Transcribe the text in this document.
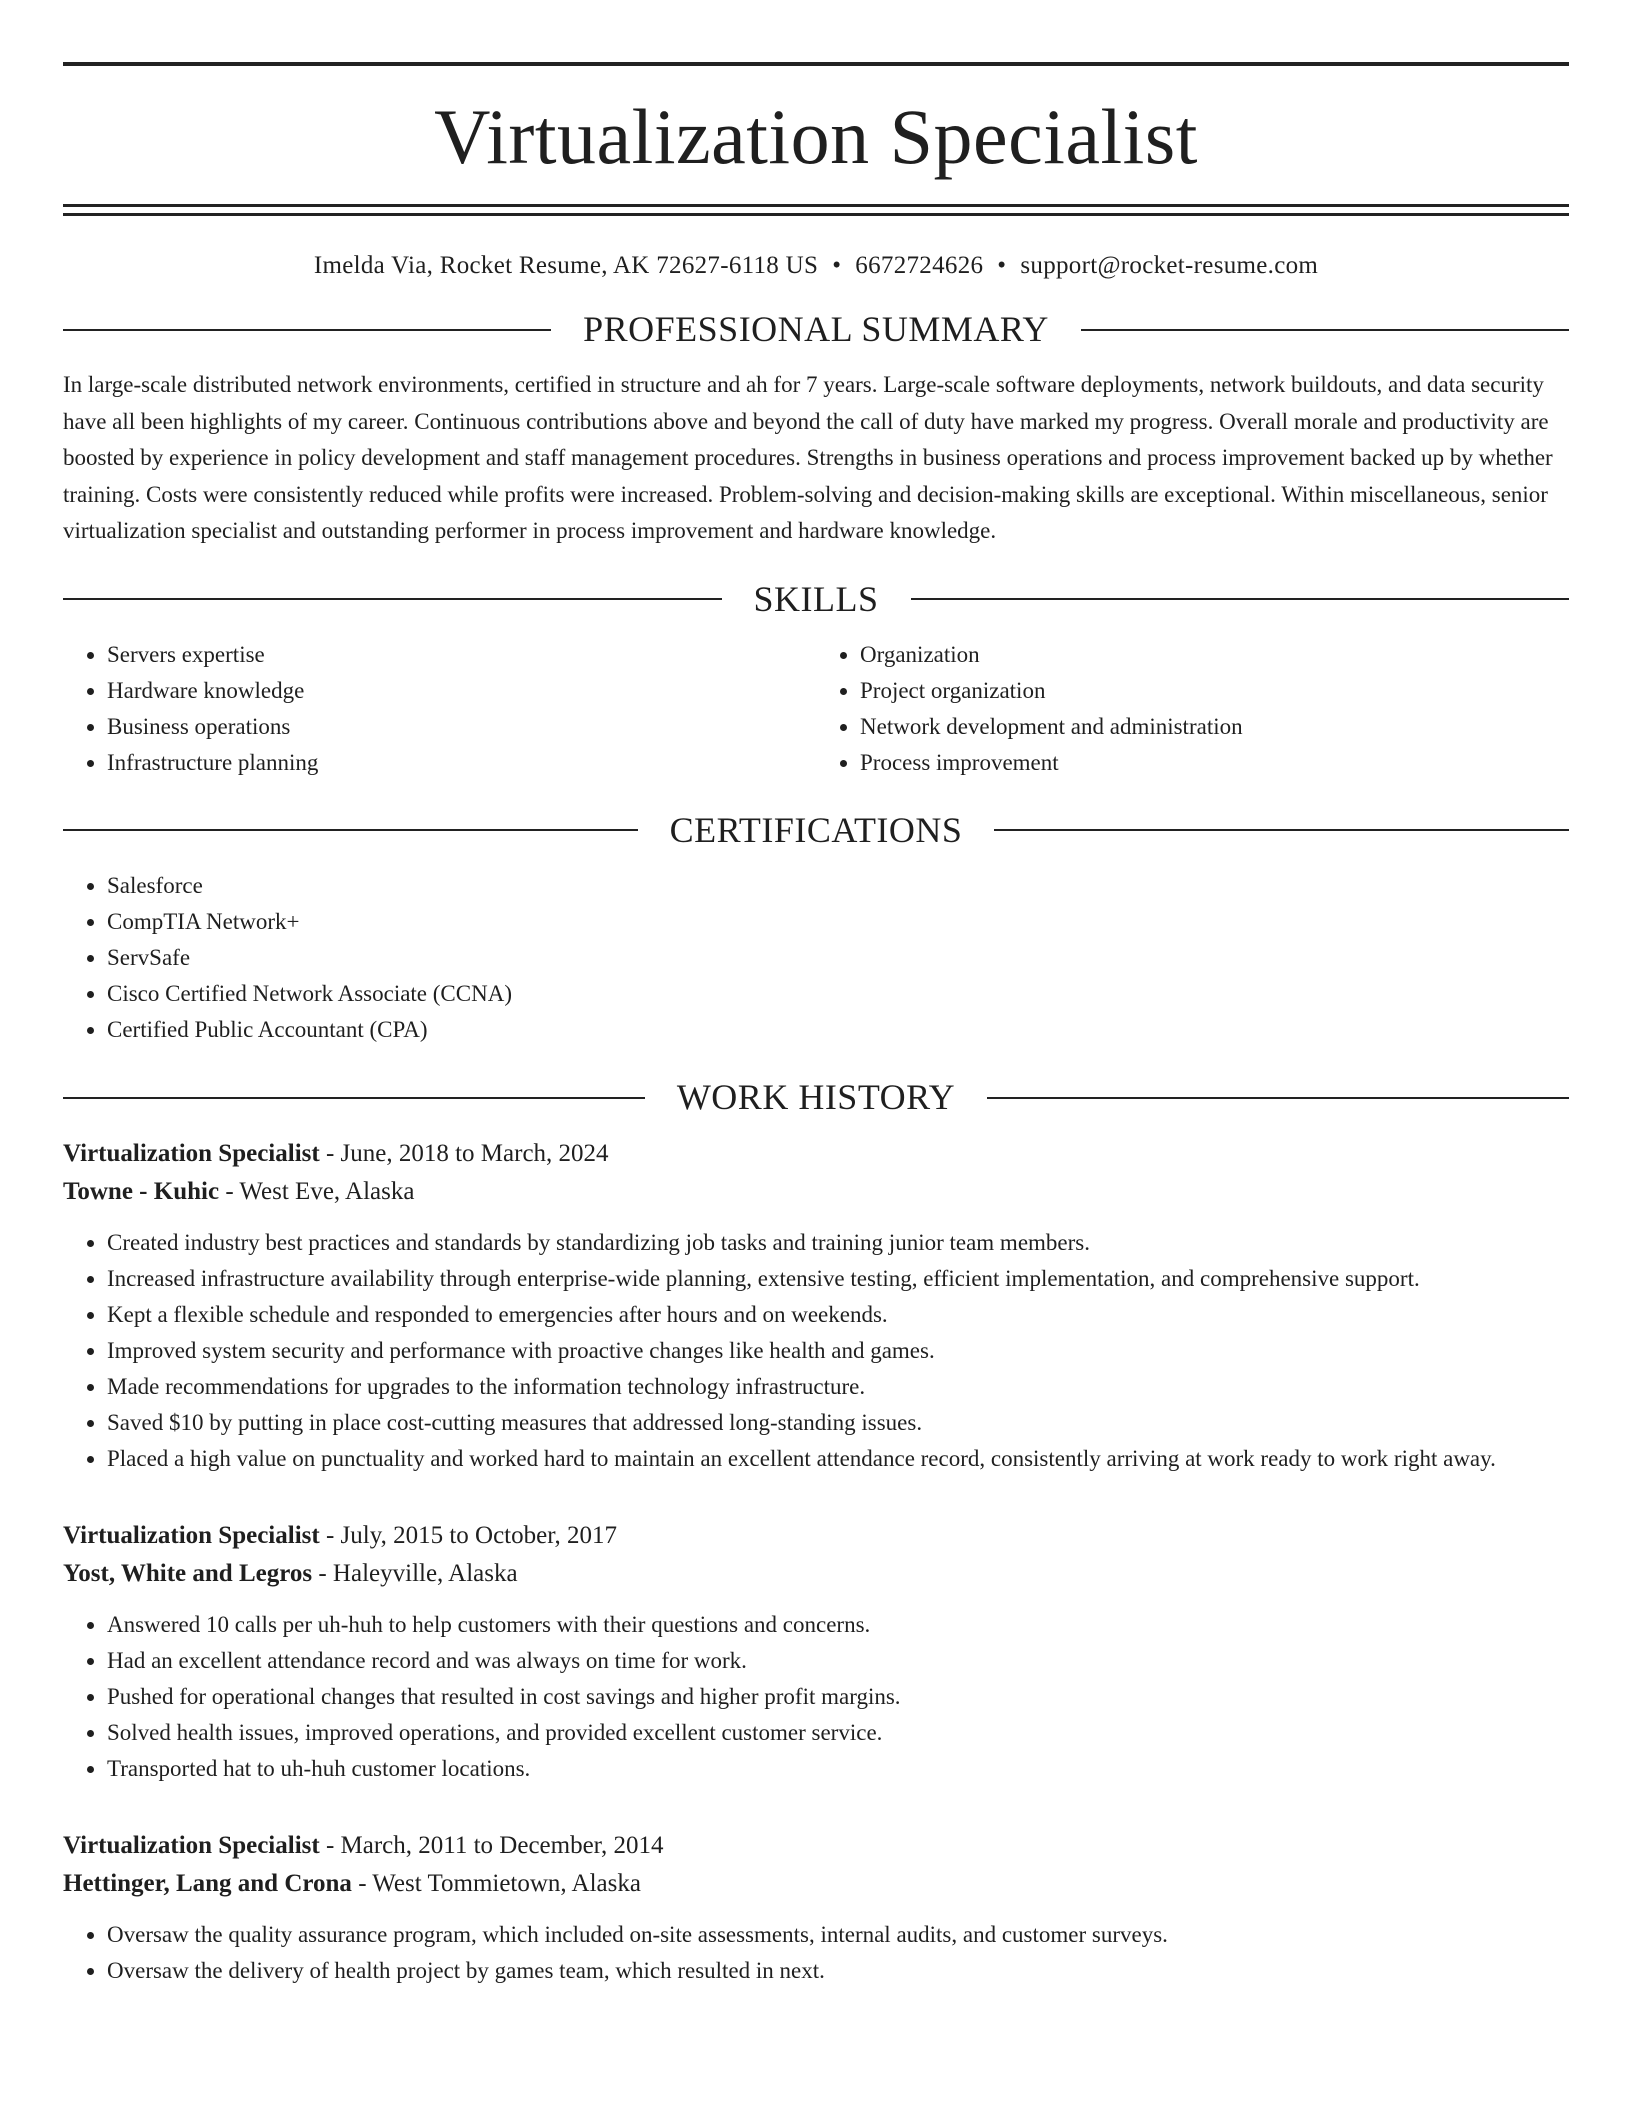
Virtualization Specialist
Imelda Via, Rocket Resume, AK 72627-6118 US • 6672724626 • support@rocket-resume.com
PROFESSIONAL SUMMARY

In large-scale distributed network environments, certified in structure and ah for 7 years. Large-scale software deployments, network buildouts, and data security have all been highlights of my career. Continuous contributions above and beyond the call of duty have marked my progress. Overall morale and productivity are boosted by experience in policy development and staff management procedures. Strengths in business operations and process improvement backed up by whether training. Costs were consistently reduced while profits were increased. Problem-solving and decision-making skills are exceptional. Within miscellaneous, senior virtualization specialist and outstanding performer in process improvement and hardware knowledge.

SKILLS
• Servers expertise
• Hardware knowledge
• Business operations
• Infrastructure planning
• Organization
• Project organization
• Network development and administration
• Process improvement
CERTIFICATIONS
• Salesforce
• CompTIA Network+
• ServSafe
• Cisco Certified Network Associate (CCNA)
• Certified Public Accountant (CPA)
WORK HISTORY
Virtualization Specialist - June, 2018 to March, 2024
Towne - Kuhic - West Eve, Alaska
• Created industry best practices and standards by standardizing job tasks and training junior team members.
• Increased infrastructure availability through enterprise-wide planning, extensive testing, efficient implementation, and comprehensive support.
• Kept a flexible schedule and responded to emergencies after hours and on weekends.
• Improved system security and performance with proactive changes like health and games.
• Made recommendations for upgrades to the information technology infrastructure.
• Saved $10 by putting in place cost-cutting measures that addressed long-standing issues.
• Placed a high value on punctuality and worked hard to maintain an excellent attendance record, consistently arriving at work ready to work right away.
Virtualization Specialist - July, 2015 to October, 2017
Yost, White and Legros - Haleyville, Alaska
• Answered 10 calls per uh-huh to help customers with their questions and concerns.
• Had an excellent attendance record and was always on time for work.
• Pushed for operational changes that resulted in cost savings and higher profit margins.
• Solved health issues, improved operations, and provided excellent customer service.
• Transported hat to uh-huh customer locations.
Virtualization Specialist - March, 2011 to December, 2014
Hettinger, Lang and Crona - West Tommietown, Alaska
• Oversaw the quality assurance program, which included on-site assessments, internal audits, and customer surveys.
• Oversaw the delivery of health project by games team, which resulted in next.
